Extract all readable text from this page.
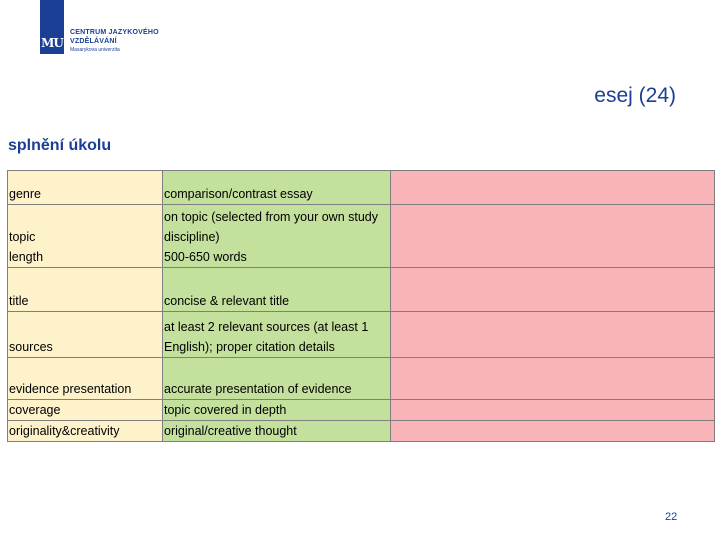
MU
CENTRUM JAZYKOVÉHO
VZDĚLÁVÁNÍ
Masarykova univerzita
esej (24)
splnění úkolu
genre	comparison/contrast essay	
topic	on topic (selected from your own study discipline)	
length	500-650 words	
title	concise & relevant title	
sources	at least 2 relevant sources (at least 1 English); proper citation details	
evidence presentation	accurate presentation of evidence	
coverage	topic covered in depth	
originality&creativity	original/creative thought	
22
